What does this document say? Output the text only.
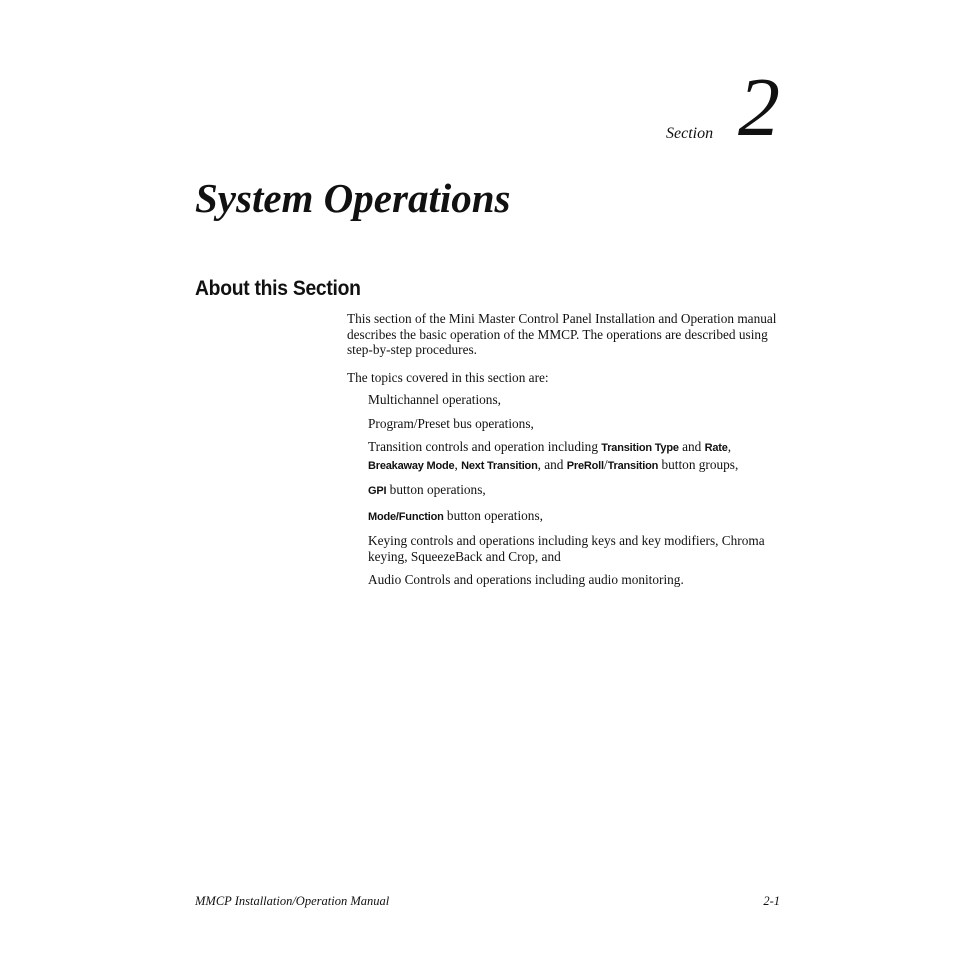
Section 2
System Operations
About this Section

This section of the Mini Master Control Panel Installation and Operation manual describes the basic operation of the MMCP. The operations are described using step-by-step procedures.

The topics covered in this section are:

Multichannel operations,
Program/Preset bus operations,
Transition controls and operation including Transition Type and Rate, Breakaway Mode, Next Transition, and PreRoll/Transition button groups,
GPI button operations,
Mode/Function button operations,
Keying controls and operations including keys and key modifiers, Chroma keying, SqueezeBack and Crop, and
Audio Controls and operations including audio monitoring.
MMCP Installation/Operation Manual	2-1
